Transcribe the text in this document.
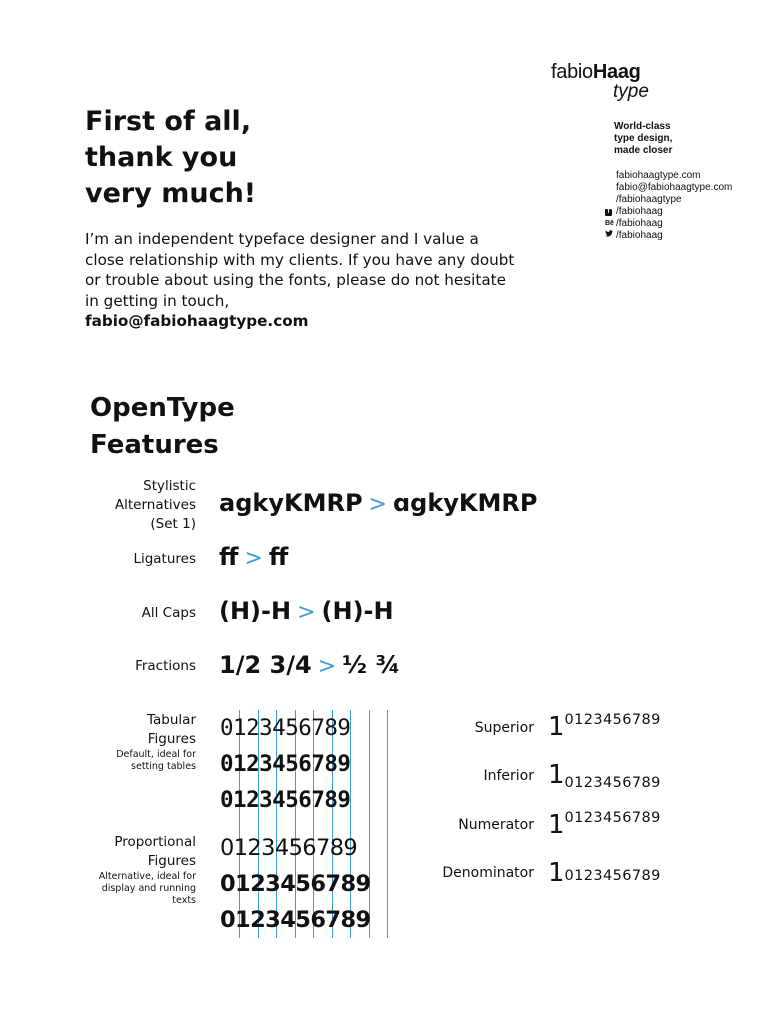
fabioHaag
type
World-class
type design,
made closer
fabiohaagtype.com
fabio@fabiohaagtype.com
/fabiohaagtype
f /fabiohaag
Bē /fabiohaag
/fabiohaag
First of all,
thank you
very much!
I’m an independent typeface designer and I value a close relationship with my clients. If you have any doubt or trouble about using the fonts, please do not hesitate in getting in touch,
fabio@fabiohaagtype.com
OpenType
Features
Stylistic
Alternatives
(Set 1)
agkyKMRP > ɑgkyKMRP
Ligatures ff > ﬀ
All Caps (H)-H > (H)-H
Fractions 1/2 3/4 > ½ ¾
Tabular
Figures
Default, ideal for
setting tables
Proportional
Figures
Alternative, ideal for
display and running texts
0123456789
0123456789
0123456789
0123456789
0123456789
0123456789
Superior 10123456789
Inferior 10123456789
Numerator 10123456789
Denominator 10123456789
